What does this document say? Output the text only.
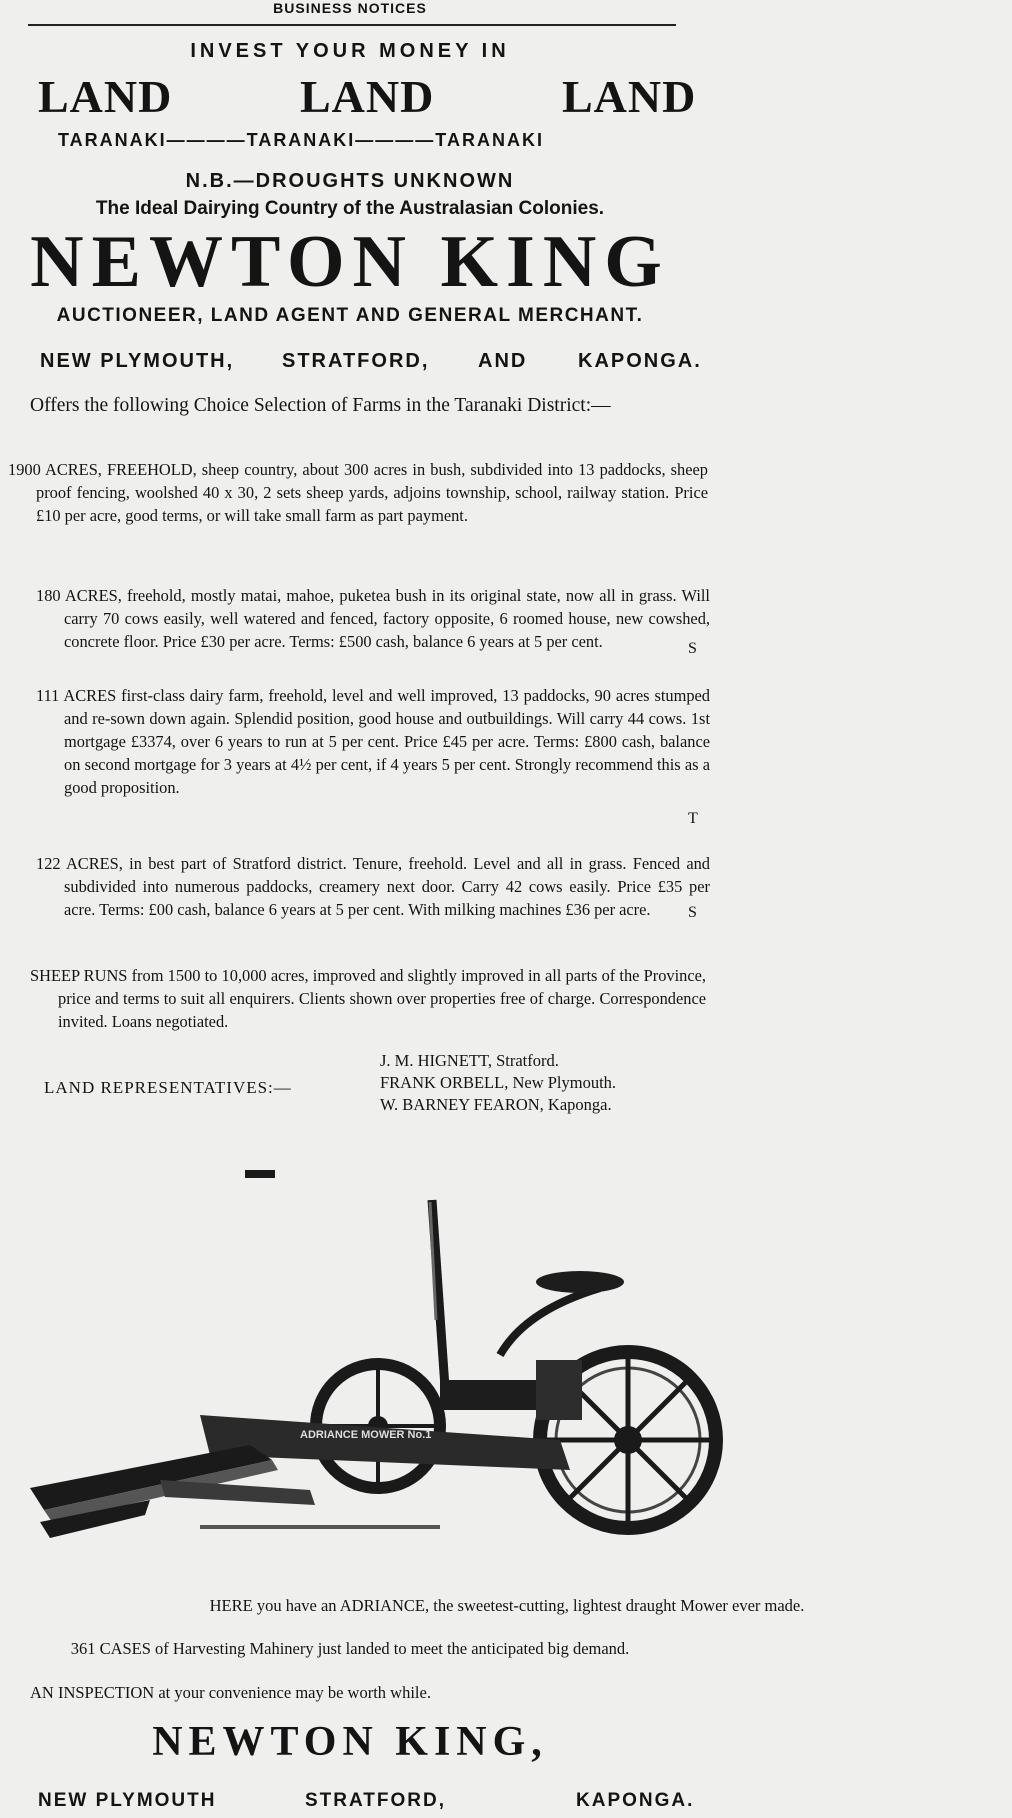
BUSINESS NOTICES
INVEST YOUR MONEY IN
LAND	LAND	LAND
TARANAKI————TARANAKI————TARANAKI
N.B.—DROUGHTS UNKNOWN
The Ideal Dairying Country of the Australasian Colonies.
NEWTON KING
AUCTIONEER, LAND AGENT AND GENERAL MERCHANT.
NEW PLYMOUTH, STRATFORD, AND	KAPONGA.
Offers the following Choice Selection of Farms in the Taranaki District:—
1900 ACRES, FREEHOLD, sheep country, about 300 acres in bush, subdivided into 13 paddocks, sheep proof fencing, woolshed 40 x 30, 2 sets sheep yards, adjoins township, school, railway station. Price £10 per acre, good terms, or will take small farm as part payment.
180 ACRES, freehold, mostly matai, mahoe, puketea bush in its original state, now all in grass. Will carry 70 cows easily, well watered and fenced, factory opposite, 6 roomed house, new cowshed, concrete floor. Price £30 per acre. Terms: £500 cash, balance 6 years at 5 per cent.
111 ACRES first-class dairy farm, freehold, level and well improved, 13 paddocks, 90 acres stumped and re-sown down again. Splendid position, good house and outbuildings. Will carry 44 cows. 1st mortgage £3374, over 6 years to run at 5 per cent. Price £45 per acre. Terms: £800 cash, balance on second mortgage for 3 years at 4½ per cent, if 4 years 5 per cent. Strongly recommend this as a good proposition.
122 ACRES, in best part of Stratford district. Tenure, freehold. Level and all in grass. Fenced and subdivided into numerous paddocks, creamery next door. Carry 42 cows easily. Price £35 per acre. Terms: £00 cash, balance 6 years at 5 per cent. With milking machines £36 per acre.
SHEEP RUNS from 1500 to 10,000 acres, improved and slightly improved in all parts of the Province, price and terms to suit all enquirers. Clients shown over properties free of charge. Correspondence invited. Loans negotiated.
LAND REPRESENTATIVES:—
J. M. HIGNETT, Stratford.
FRANK ORBELL, New Plymouth.
W. BARNEY FEARON, Kaponga.
ADRIANCE MOWER No.1
HERE you have an ADRIANCE, the sweetest-cutting, lightest draught Mower ever made.
361 CASES of Harvesting Mahinery just landed to meet the anticipated big demand.
AN INSPECTION at your convenience may be worth while.
NEWTON KING,
NEW PLYMOUTH	STRATFORD,	KAPONGA.
S
T
S
